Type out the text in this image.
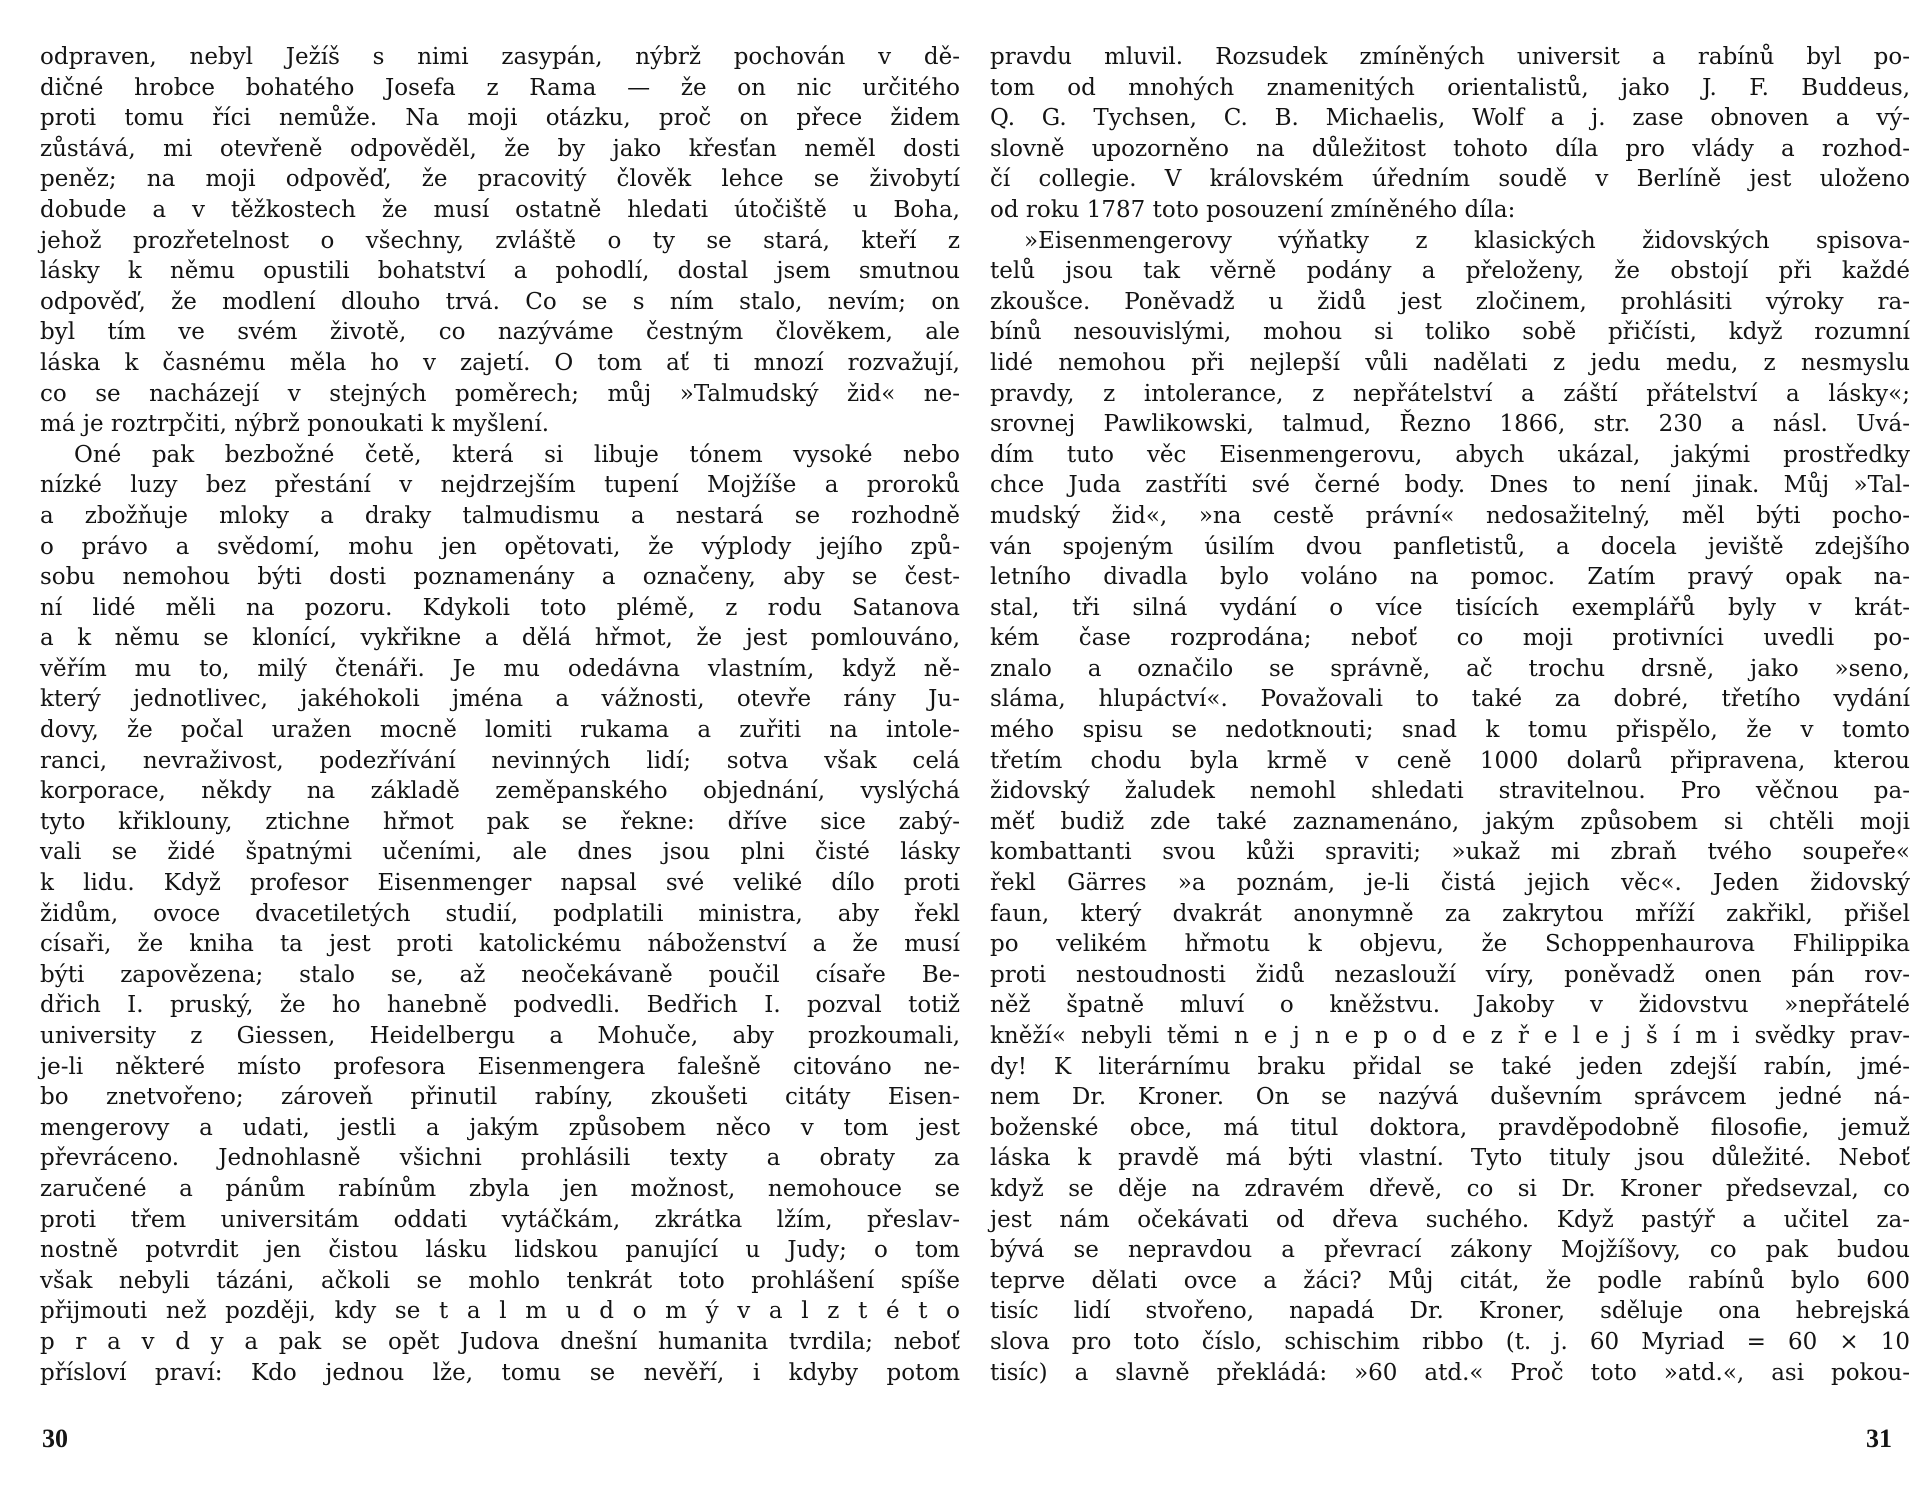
odpraven, nebyl Ježíš s nimi zasypán, nýbrž pochován v dě-
dičné hrobce bohatého Josefa z Rama — že on nic určitého
proti tomu říci nemůže. Na moji otázku, proč on přece židem
zůstává, mi otevřeně odpověděl, že by jako křesťan neměl dosti
peněz; na moji odpověď, že pracovitý člověk lehce se živobytí
dobude a v těžkostech že musí ostatně hledati útočiště u Boha,
jehož prozřetelnost o všechny, zvláště o ty se stará, kteří z
lásky k němu opustili bohatství a pohodlí, dostal jsem smutnou
odpověď, že modlení dlouho trvá. Co se s ním stalo, nevím; on
byl tím ve svém životě, co nazýváme čestným člověkem, ale
láska k časnému měla ho v zajetí. O tom ať ti mnozí rozvažují,
co se nacházejí v stejných poměrech; můj »Talmudský žid« ne-
má je roztrpčiti, nýbrž ponoukati k myšlení.
Oné pak bezbožné četě, která si libuje tónem vysoké nebo
nízké luzy bez přestání v nejdrzejším tupení Mojžíše a proroků
a zbožňuje mloky a draky talmudismu a nestará se rozhodně
o právo a svědomí, mohu jen opětovati, že výplody jejího způ-
sobu nemohou býti dosti poznamenány a označeny, aby se čest-
ní lidé měli na pozoru. Kdykoli toto plémě, z rodu Satanova
a k němu se klonící, vykřikne a dělá hřmot, že jest pomlouváno,
věřím mu to, milý čtenáři. Je mu odedávna vlastním, když ně-
který jednotlivec, jakéhokoli jména a vážnosti, otevře rány Ju-
dovy, že počal uražen mocně lomiti rukama a zuřiti na intole-
ranci, nevraživost, podezřívání nevinných lidí; sotva však celá
korporace, někdy na základě zeměpanského objednání, vyslýchá
tyto křiklouny, ztichne hřmot pak se řekne: dříve sice zabý-
vali se židé špatnými učeními, ale dnes jsou plni čisté lásky
k lidu. Když profesor Eisenmenger napsal své veliké dílo proti
židům, ovoce dvacetiletých studií, podplatili ministra, aby řekl
císaři, že kniha ta jest proti katolickému náboženství a že musí
býti zapovězena; stalo se, až neočekávaně poučil císaře Be-
dřich I. pruský, že ho hanebně podvedli. Bedřich I. pozval totiž
university z Giessen, Heidelbergu a Mohuče, aby prozkoumali,
je-li některé místo profesora Eisenmengera falešně citováno ne-
bo znetvořeno; zároveň přinutil rabíny, zkoušeti citáty Eisen-
mengerovy a udati, jestli a jakým způsobem něco v tom jest
převráceno. Jednohlasně všichni prohlásili texty a obraty za
zaručené a pánům rabínům zbyla jen možnost, nemohouce se
proti třem universitám oddati vytáčkám, zkrátka lžím, přeslav-
nostně potvrdit jen čistou lásku lidskou panující u Judy; o tom
však nebyli tázáni, ačkoli se mohlo tenkrát toto prohlášení spíše
přijmouti než později, kdy se t a l m u d o m ý v a l z t é t o
p r a v d y a pak se opět Judova dnešní humanita tvrdila; neboť
přísloví praví: Kdo jednou lže, tomu se nevěří, i kdyby potom
30
pravdu mluvil. Rozsudek zmíněných universit a rabínů byl po-
tom od mnohých znamenitých orientalistů, jako J. F. Buddeus,
Q. G. Tychsen, C. B. Michaelis, Wolf a j. zase obnoven a vý-
slovně upozorněno na důležitost tohoto díla pro vlády a rozhod-
čí collegie. V královském úředním soudě v Berlíně jest uloženo
od roku 1787 toto posouzení zmíněného díla:
»Eisenmengerovy výňatky z klasických židovských spisova-
telů jsou tak věrně podány a přeloženy, že obstojí při každé
zkoušce. Poněvadž u židů jest zločinem, prohlásiti výroky ra-
bínů nesouvislými, mohou si toliko sobě přičísti, když rozumní
lidé nemohou při nejlepší vůli nadělati z jedu medu, z nesmyslu
pravdy, z intolerance, z nepřátelství a záští přátelství a lásky«;
srovnej Pawlikowski, talmud, Řezno 1866, str. 230 a násl. Uvá-
dím tuto věc Eisenmengerovu, abych ukázal, jakými prostředky
chce Juda zastříti své černé body. Dnes to není jinak. Můj »Tal-
mudský žid«, »na cestě právní« nedosažitelný, měl býti pocho-
ván spojeným úsilím dvou panfletistů, a docela jeviště zdejšího
letního divadla bylo voláno na pomoc. Zatím pravý opak na-
stal, tři silná vydání o více tisících exemplářů byly v krát-
kém čase rozprodána; neboť co moji protivníci uvedli po-
znalo a označilo se správně, ač trochu drsně, jako »seno,
sláma, hlupáctví«. Považovali to také za dobré, třetího vydání
mého spisu se nedotknouti; snad k tomu přispělo, že v tomto
třetím chodu byla krmě v ceně 1000 dolarů připravena, kterou
židovský žaludek nemohl shledati stravitelnou. Pro věčnou pa-
měť budiž zde také zaznamenáno, jakým způsobem si chtěli moji
kombattanti svou kůži spraviti; »ukaž mi zbraň tvého soupeře«
řekl Gärres »a poznám, je-li čistá jejich věc«. Jeden židovský
faun, který dvakrát anonymně za zakrytou mříží zakřikl, přišel
po velikém hřmotu k objevu, že Schoppenhaurova Fhilippika
proti nestoudnosti židů nezaslouží víry, poněvadž onen pán rov-
něž špatně mluví o kněžstvu. Jakoby v židovstvu »nepřátelé
kněží« nebyli těmi n e j n e p o d e z ř e l e j š í m i svědky prav-
dy! K literárnímu braku přidal se také jeden zdejší rabín, jmé-
nem Dr. Kroner. On se nazývá duševním správcem jedné ná-
boženské obce, má titul doktora, pravděpodobně filosofie, jemuž
láska k pravdě má býti vlastní. Tyto tituly jsou důležité. Neboť
když se děje na zdravém dřevě, co si Dr. Kroner předsevzal, co
jest nám očekávati od dřeva suchého. Když pastýř a učitel za-
bývá se nepravdou a převrací zákony Mojžíšovy, co pak budou
teprve dělati ovce a žáci? Můj citát, že podle rabínů bylo 600
tisíc lidí stvořeno, napadá Dr. Kroner, sděluje ona hebrejská
slova pro toto číslo, schischim ribbo (t. j. 60 Myriad = 60 × 10
tisíc) a slavně překládá: »60 atd.« Proč toto »atd.«, asi pokou-
31
